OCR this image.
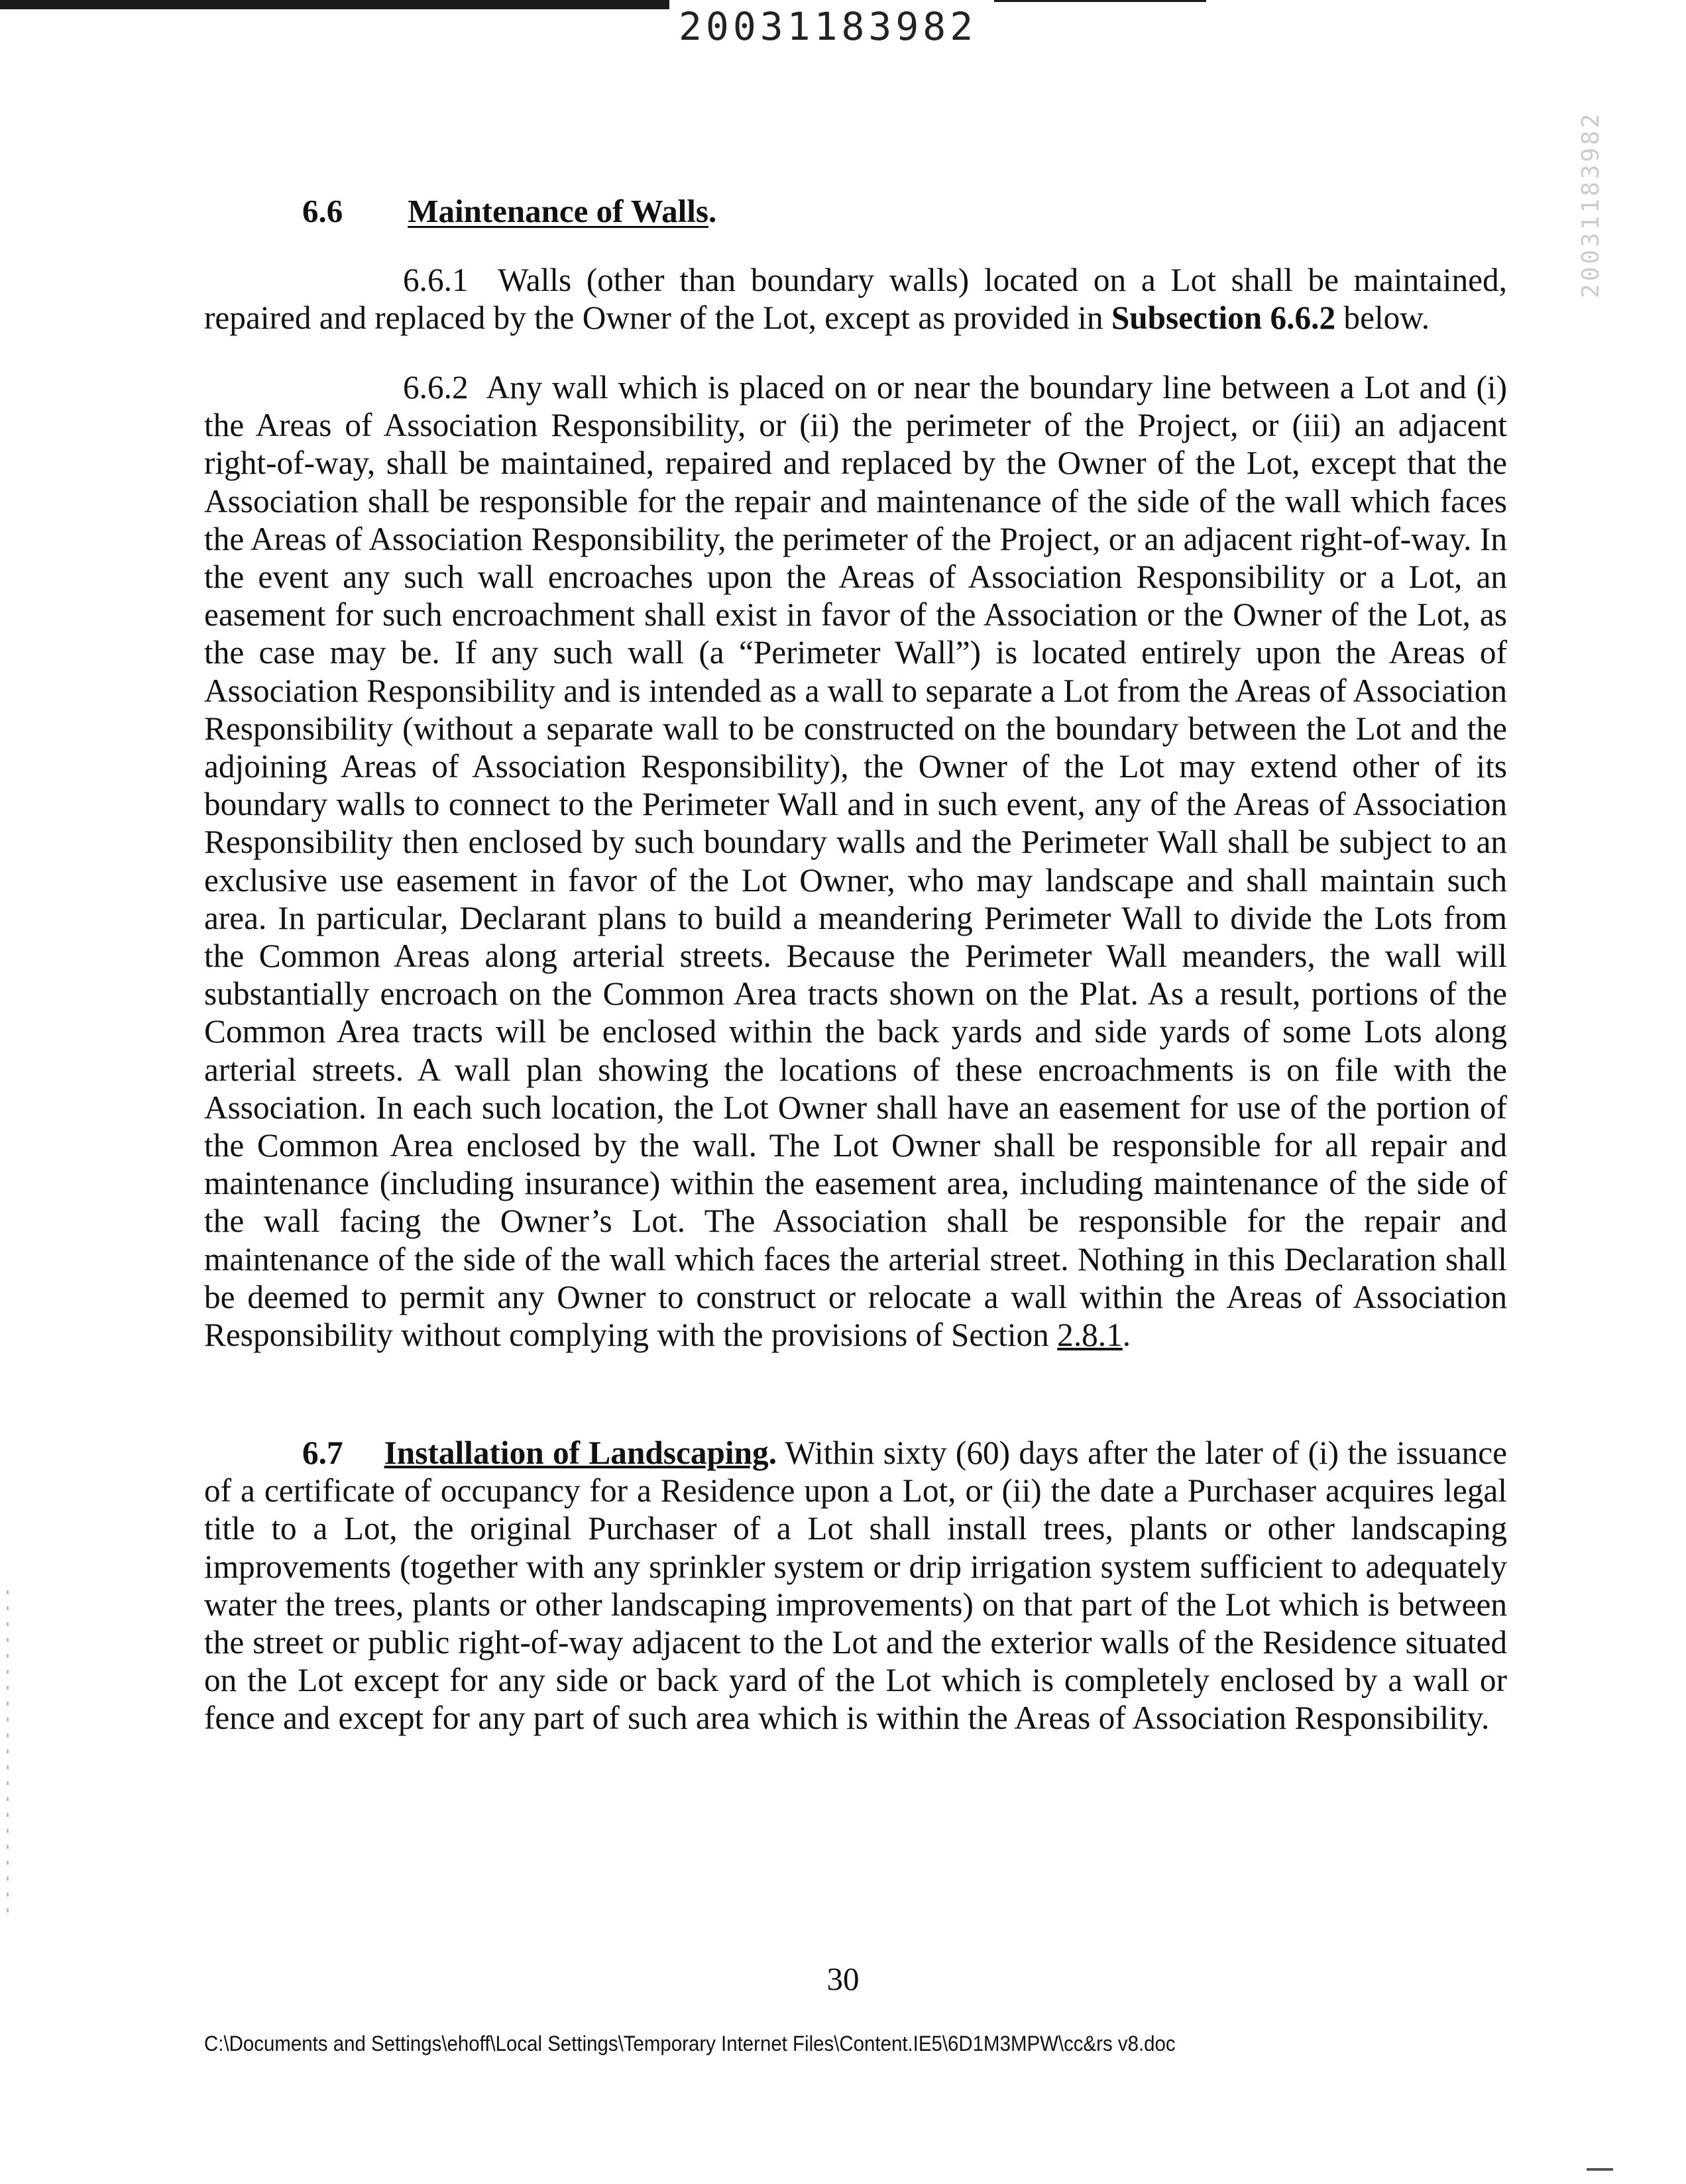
20031183982
20031183982
6.6 Maintenance of Walls.

6.6.1 Walls (other than boundary walls) located on a Lot shall be maintained, repaired and replaced by the Owner of the Lot, except as provided in Subsection 6.6.2 below.

6.6.2 Any wall which is placed on or near the boundary line between a Lot and (i) the Areas of Association Responsibility, or (ii) the perimeter of the Project, or (iii) an adjacent right-of-way, shall be maintained, repaired and replaced by the Owner of the Lot, except that the Association shall be responsible for the repair and maintenance of the side of the wall which faces the Areas of Association Responsibility, the perimeter of the Project, or an adjacent right-of-way. In the event any such wall encroaches upon the Areas of Association Responsibility or a Lot, an easement for such encroachment shall exist in favor of the Association or the Owner of the Lot, as the case may be. If any such wall (a “Perimeter Wall”) is located entirely upon the Areas of Association Responsibility and is intended as a wall to separate a Lot from the Areas of Association Responsibility (without a separate wall to be constructed on the boundary between the Lot and the adjoining Areas of Association Responsibility), the Owner of the Lot may extend other of its boundary walls to connect to the Perimeter Wall and in such event, any of the Areas of Association Responsibility then enclosed by such boundary walls and the Perimeter Wall shall be subject to an exclusive use easement in favor of the Lot Owner, who may landscape and shall maintain such area. In particular, Declarant plans to build a meandering Perimeter Wall to divide the Lots from the Common Areas along arterial streets. Because the Perimeter Wall meanders, the wall will substantially encroach on the Common Area tracts shown on the Plat. As a result, portions of the Common Area tracts will be enclosed within the back yards and side yards of some Lots along arterial streets. A wall plan showing the locations of these encroachments is on file with the Association. In each such location, the Lot Owner shall have an easement for use of the portion of the Common Area enclosed by the wall. The Lot Owner shall be responsible for all repair and maintenance (including insurance) within the easement area, including maintenance of the side of the wall facing the Owner’s Lot. The Association shall be responsible for the repair and maintenance of the side of the wall which faces the arterial street. Nothing in this Declaration shall be deemed to permit any Owner to construct or relocate a wall within the Areas of Association Responsibility without complying with the provisions of Section 2.8.1.

6.7 Installation of Landscaping. Within sixty (60) days after the later of (i) the issuance of a certificate of occupancy for a Residence upon a Lot, or (ii) the date a Purchaser acquires legal title to a Lot, the original Purchaser of a Lot shall install trees, plants or other landscaping improvements (together with any sprinkler system or drip irrigation system sufficient to adequately water the trees, plants or other landscaping improvements) on that part of the Lot which is between the street or public right-of-way adjacent to the Lot and the exterior walls of the Residence situated on the Lot except for any side or back yard of the Lot which is completely enclosed by a wall or fence and except for any part of such area which is within the Areas of Association Responsibility.

30
C:\Documents and Settings\ehoff\Local Settings\Temporary Internet Files\Content.IE5\6D1M3MPW\cc&rs v8.doc
